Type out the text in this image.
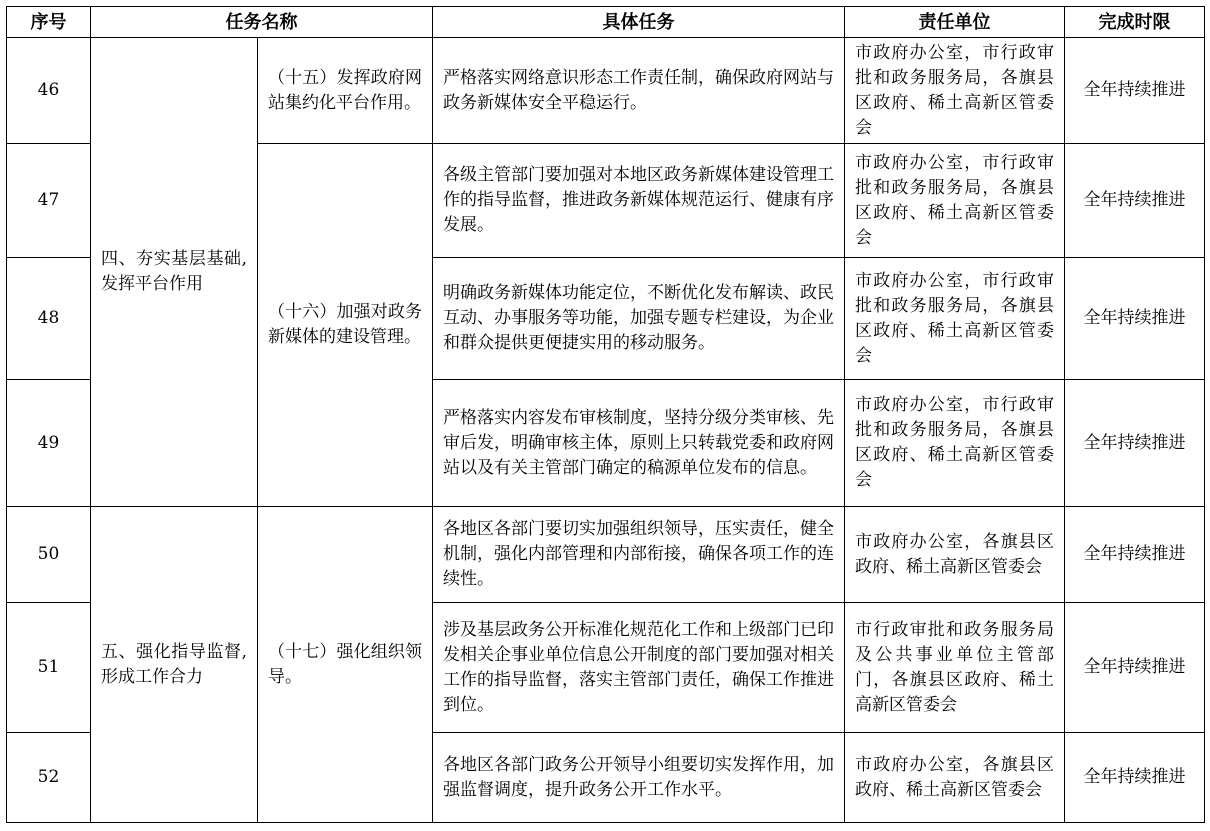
序号	任务名称		具体任务	责任单位	完成时限
46	四、夯实基层基础,发挥平台作用	（十五）发挥政府网站集约化平台作用。	严格落实网络意识形态工作责任制，确保政府网站与政务新媒体安全平稳运行。	市政府办公室，市行政审批和政务服务局，各旗县区政府、稀土高新区管委会	全年持续推进
47		（十六）加强对政务新媒体的建设管理。	各级主管部门要加强对本地区政务新媒体建设管理工作的指导监督，推进政务新媒体规范运行、健康有序发展。	市政府办公室，市行政审批和政务服务局，各旗县区政府、稀土高新区管委会	全年持续推进
48			明确政务新媒体功能定位，不断优化发布解读、政民互动、办事服务等功能，加强专题专栏建设，为企业和群众提供更便捷实用的移动服务。	市政府办公室，市行政审批和政务服务局，各旗县区政府、稀土高新区管委会	全年持续推进
49			严格落实内容发布审核制度，坚持分级分类审核、先审后发，明确审核主体，原则上只转载党委和政府网站以及有关主管部门确定的稿源单位发布的信息。	市政府办公室，市行政审批和政务服务局，各旗县区政府、稀土高新区管委会	全年持续推进
50	五、强化指导监督,形成工作合力	（十七）强化组织领导。	各地区各部门要切实加强组织领导，压实责任，健全机制，强化内部管理和内部衔接，确保各项工作的连续性。	市政府办公室，各旗县区政府、稀土高新区管委会	全年持续推进
51			涉及基层政务公开标准化规范化工作和上级部门已印发相关企事业单位信息公开制度的部门要加强对相关工作的指导监督，落实主管部门责任，确保工作推进到位。	市行政审批和政务服务局及公共事业单位主管部门，各旗县区政府、稀土高新区管委会	全年持续推进
52			各地区各部门政务公开领导小组要切实发挥作用，加强监督调度，提升政务公开工作水平。	市政府办公室，各旗县区政府、稀土高新区管委会	全年持续推进
